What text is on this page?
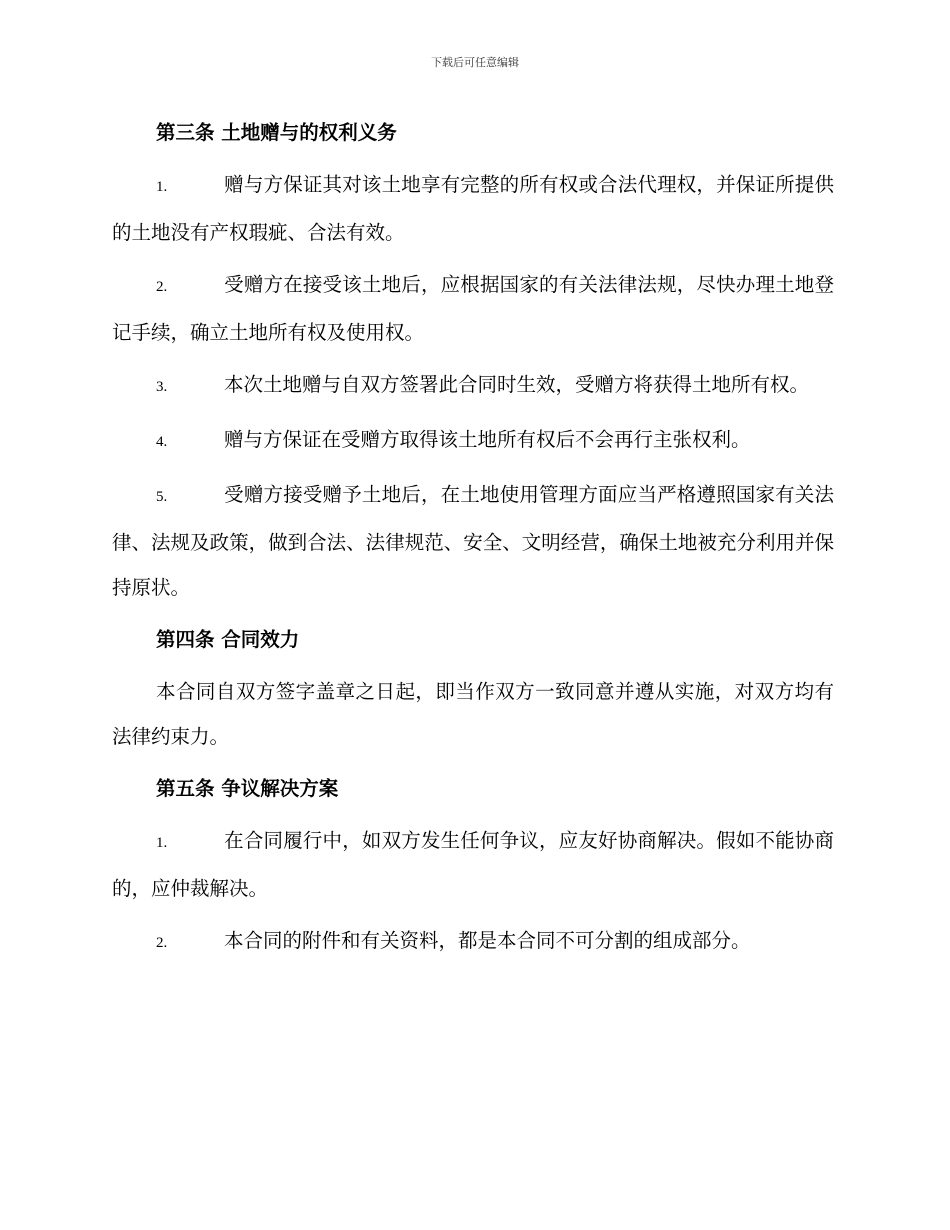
下载后可任意编辑
第三条 土地赠与的权利义务
1.	赠与方保证其对该土地享有完整的所有权或合法代理权，并保证所提供的土地没有产权瑕疵、合法有效。
2.	受赠方在接受该土地后，应根据国家的有关法律法规，尽快办理土地登记手续，确立土地所有权及使用权。
3.	本次土地赠与自双方签署此合同时生效，受赠方将获得土地所有权。
4.	赠与方保证在受赠方取得该土地所有权后不会再行主张权利。
5.	受赠方接受赠予土地后，在土地使用管理方面应当严格遵照国家有关法律、法规及政策，做到合法、法律规范、安全、文明经营，确保土地被充分利用并保持原状。
第四条 合同效力
本合同自双方签字盖章之日起，即当作双方一致同意并遵从实施，对双方均有法律约束力。
第五条 争议解决方案
1.	在合同履行中，如双方发生任何争议，应友好协商解决。假如不能协商的，应仲裁解决。
2.	本合同的附件和有关资料，都是本合同不可分割的组成部分。
